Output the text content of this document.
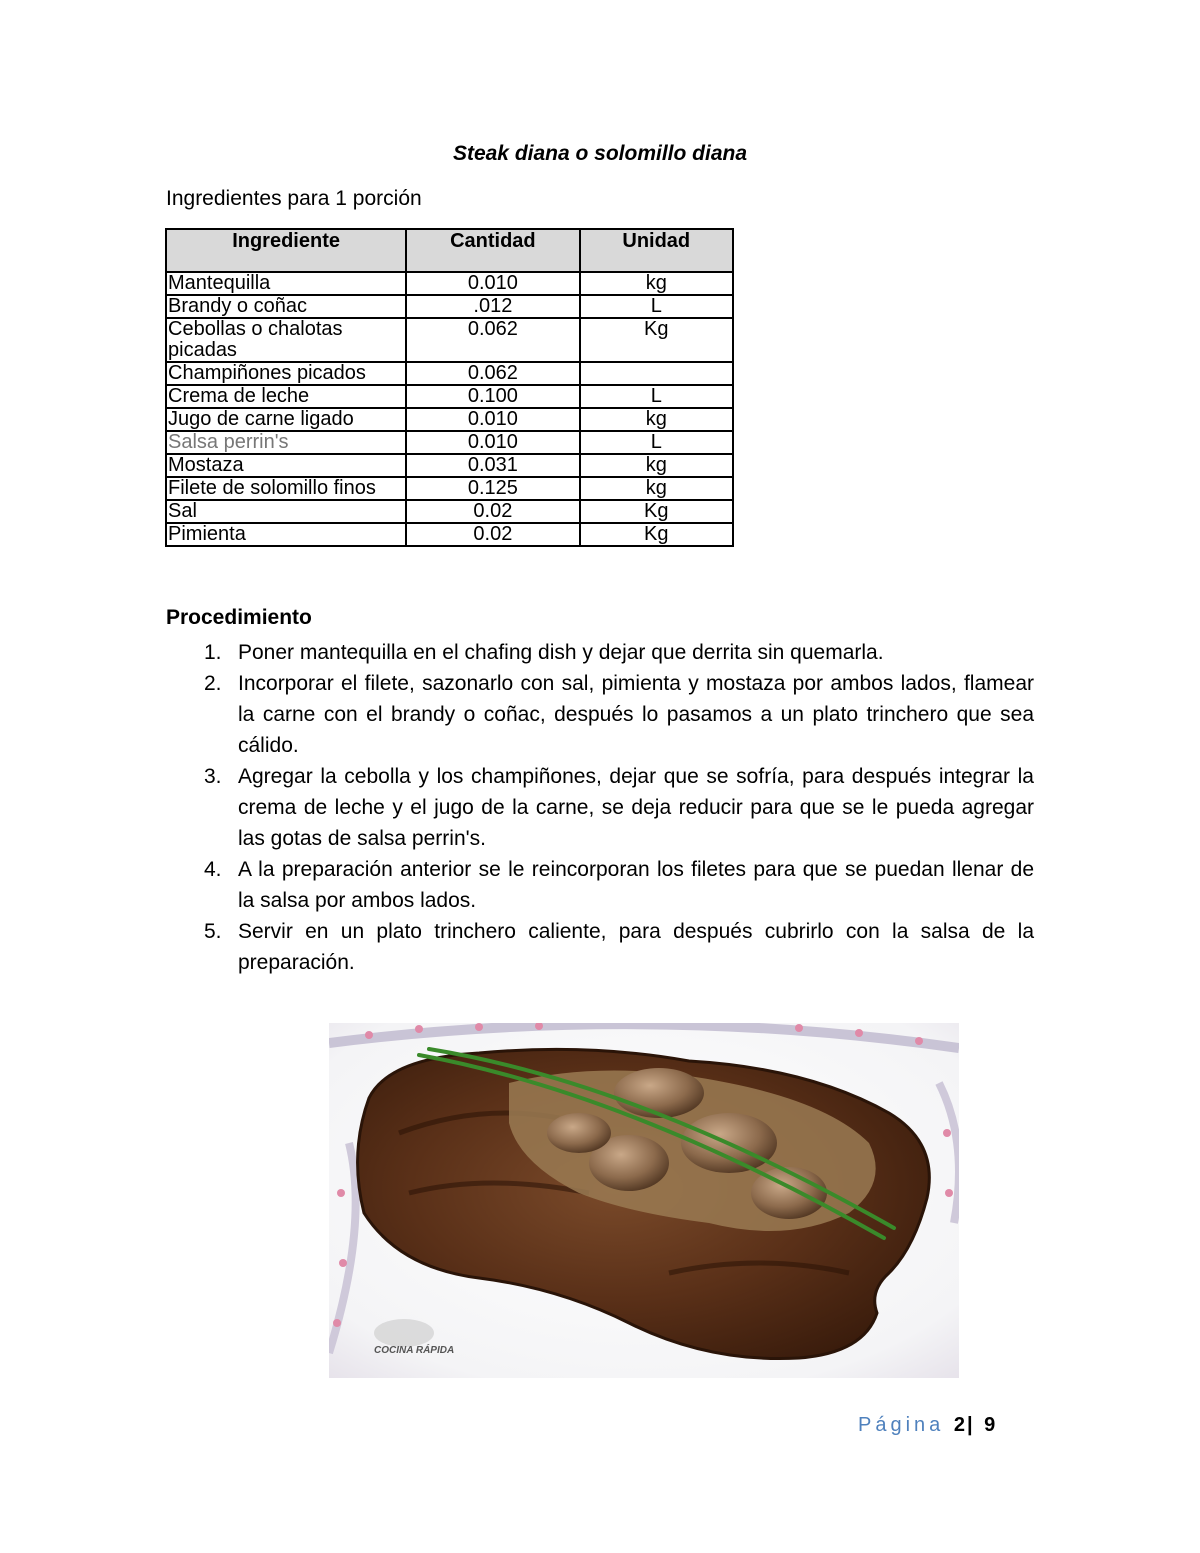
Steak diana o solomillo diana
Ingredientes para 1 porción
Ingrediente	Cantidad	Unidad
Mantequilla	0.010	kg
Brandy o coñac	.012	L
Cebollas o chalotas picadas	0.062	Kg
Champiñones picados	0.062	
Crema de leche	0.100	L
Jugo de carne ligado	0.010	kg
Salsa perrin's	0.010	L
Mostaza	0.031	kg
Filete de solomillo finos	0.125	kg
Sal	0.02	Kg
Pimienta	0.02	Kg
Procedimiento
1. Poner mantequilla en el chafing dish y dejar que derrita sin quemarla.
2. Incorporar el filete, sazonarlo con sal, pimienta y mostaza por ambos lados, flamear la carne con el brandy o coñac, después lo pasamos a un plato trinchero que sea cálido.
3. Agregar la cebolla y los champiñones, dejar que se sofría, para después integrar la crema de leche y el jugo de la carne, se deja reducir para que se le pueda agregar las gotas de salsa perrin's.
4. A la preparación anterior se le reincorporan los filetes para que se puedan llenar de la salsa por ambos lados.
5. Servir en un plato trinchero caliente, para después cubrirlo con la salsa de la preparación.
COCINA RÁPIDA
Página 2| 9
